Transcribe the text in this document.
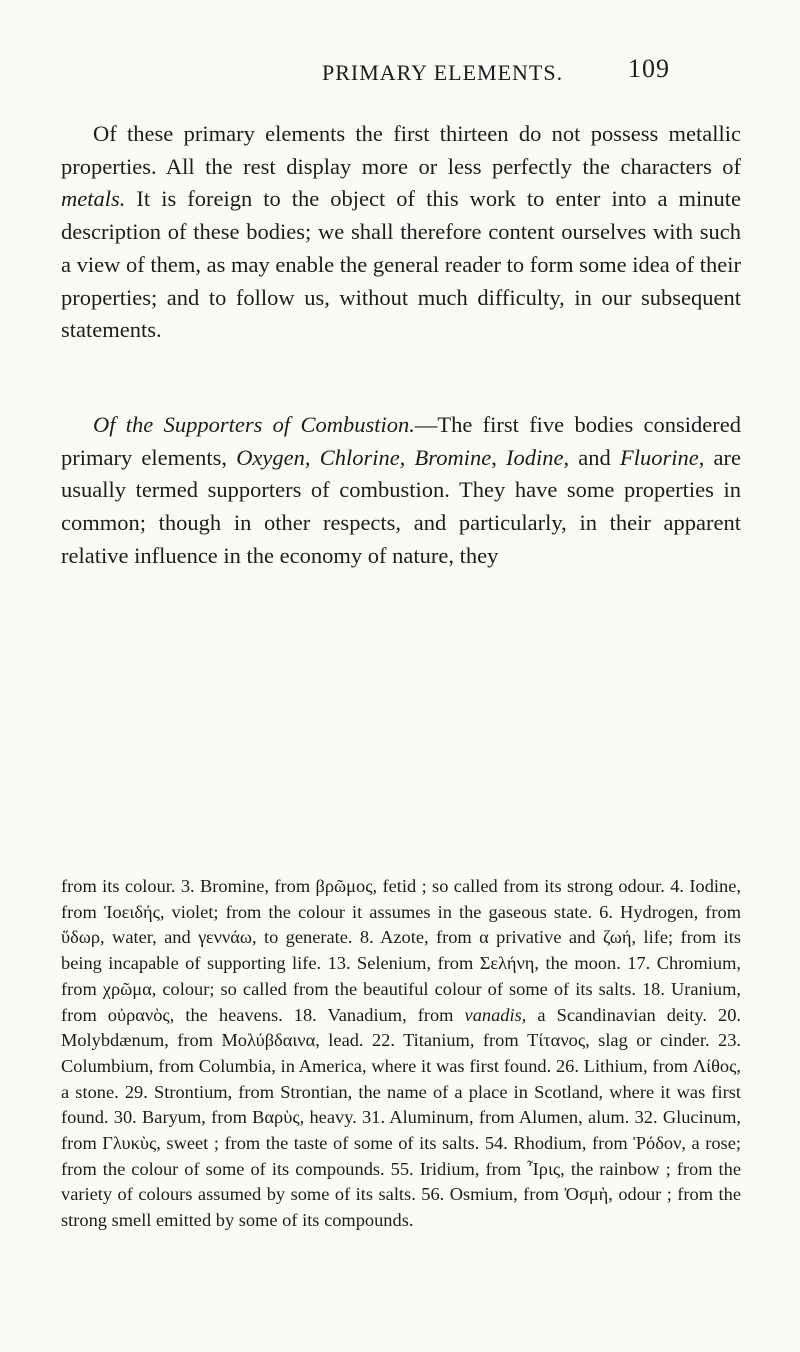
PRIMARY ELEMENTS. 109

Of these primary elements the first thirteen do not possess metallic properties. All the rest display more or less perfectly the characters of metals. It is foreign to the object of this work to enter into a minute description of these bodies; we shall therefore content ourselves with such a view of them, as may enable the general reader to form some idea of their properties; and to follow us, without much difficulty, in our subsequent statements.

Of the Supporters of Combustion.—The first five bodies considered primary elements, Oxygen, Chlorine, Bromine, Iodine, and Fluorine, are usually termed supporters of combustion. They have some properties in common; though in other respects, and particularly, in their apparent relative influence in the economy of nature, they

from its colour. 3. Bromine, from βρῶμος, fetid ; so called from its strong odour. 4. Iodine, from Ἰοειδής, violet; from the colour it assumes in the gaseous state. 6. Hydrogen, from ὕδωρ, water, and γεννάω, to generate. 8. Azote, from α privative and ζωή, life; from its being incapable of supporting life. 13. Selenium, from Σελήνη, the moon. 17. Chromium, from χρῶμα, colour; so called from the beautiful colour of some of its salts. 18. Uranium, from οὐρανὸς, the heavens. 18. Vanadium, from vanadis, a Scandinavian deity. 20. Molybdænum, from Μολύβδαινα, lead. 22. Titanium, from Τίτανος, slag or cinder. 23. Columbium, from Columbia, in America, where it was first found. 26. Lithium, from Λίθος, a stone. 29. Strontium, from Strontian, the name of a place in Scotland, where it was first found. 30. Baryum, from Βαρὺς, heavy. 31. Aluminum, from Alumen, alum. 32. Glucinum, from Γλυκὺς, sweet ; from the taste of some of its salts. 54. Rhodium, from Ῥόδον, a rose; from the colour of some of its compounds. 55. Iridium, from Ἶρις, the rainbow ; from the variety of colours assumed by some of its salts. 56. Osmium, from Ὀσμὴ, odour ; from the strong smell emitted by some of its compounds.
